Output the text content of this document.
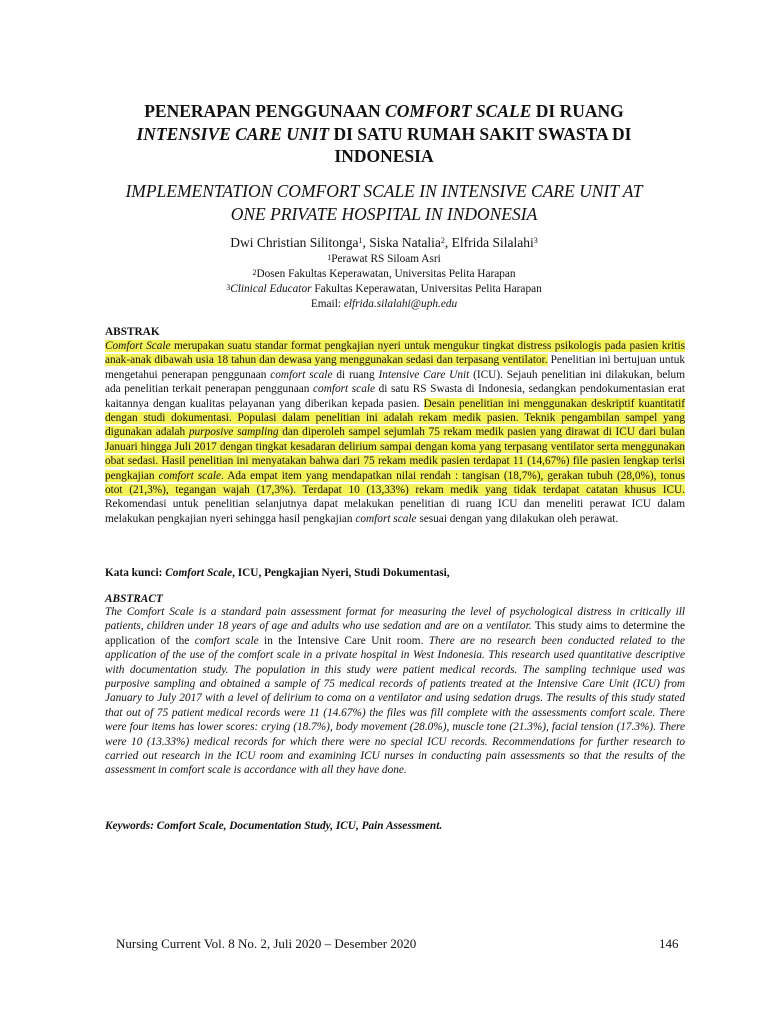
PENERAPAN PENGGUNAAN COMFORT SCALE DI RUANG
INTENSIVE CARE UNIT DI SATU RUMAH SAKIT SWASTA DI
INDONESIA
IMPLEMENTATION COMFORT SCALE IN INTENSIVE CARE UNIT AT
ONE PRIVATE HOSPITAL IN INDONESIA
Dwi Christian Silitonga$^1$, Siska Natalia$^2$, Elfrida Silalahi$^3$
$^1$Perawat RS Siloam Asri
$^2$Dosen Fakultas Keperawatan, Universitas Pelita Harapan
$^3$Clinical Educator Fakultas Keperawatan, Universitas Pelita Harapan
Email: elfrida.silalahi@uph.edu
ABSTRAK
Comfort Scale merupakan suatu standar format pengkajian nyeri untuk mengukur tingkat distress psikologis pada pasien kritis anak-anak dibawah usia 18 tahun dan dewasa yang menggunakan sedasi dan terpasang ventilator. Penelitian ini bertujuan untuk mengetahui penerapan penggunaan comfort scale di ruang Intensive Care Unit (ICU). Sejauh penelitian ini dilakukan, belum ada penelitian terkait penerapan penggunaan comfort scale di satu RS Swasta di Indonesia, sedangkan pendokumentasian erat kaitannya dengan kualitas pelayanan yang diberikan kepada pasien. Desain penelitian ini menggunakan deskriptif kuantitatif dengan studi dokumentasi. Populasi dalam penelitian ini adalah rekam medik pasien. Teknik pengambilan sampel yang digunakan adalah purposive sampling dan diperoleh sampel sejumlah 75 rekam medik pasien yang dirawat di ICU dari bulan Januari hingga Juli 2017 dengan tingkat kesadaran delirium sampai dengan koma yang terpasang ventilator serta menggunakan obat sedasi. Hasil penelitian ini menyatakan bahwa dari 75 rekam medik pasien terdapat 11 (14,67%) file pasien lengkap terisi pengkajian comfort scale. Ada empat item yang mendapatkan nilai rendah : tangisan (18,7%), gerakan tubuh (28,0%), tonus otot (21,3%), tegangan wajah (17,3%). Terdapat 10 (13,33%) rekam medik yang tidak terdapat catatan khusus ICU. Rekomendasi untuk penelitian selanjutnya dapat melakukan penelitian di ruang ICU dan meneliti perawat ICU dalam melakukan pengkajian nyeri sehingga hasil pengkajian comfort scale sesuai dengan yang dilakukan oleh perawat.
Kata kunci: Comfort Scale, ICU, Pengkajian Nyeri, Studi Dokumentasi,
ABSTRACT
The Comfort Scale is a standard pain assessment format for measuring the level of psychological distress in critically ill patients, children under 18 years of age and adults who use sedation and are on a ventilator. This study aims to determine the application of the comfort scale in the Intensive Care Unit room. There are no research been conducted related to the application of the use of the comfort scale in a private hospital in West Indonesia. This research used quantitative descriptive with documentation study. The population in this study were patient medical records. The sampling technique used was purposive sampling and obtained a sample of 75 medical records of patients treated at the Intensive Care Unit (ICU) from January to July 2017 with a level of delirium to coma on a ventilator and using sedation drugs. The results of this study stated that out of 75 patient medical records were 11 (14.67%) the files was fill complete with the assessments comfort scale. There were four items has lower scores: crying (18.7%), body movement (28.0%), muscle tone (21.3%), facial tension (17.3%). There were 10 (13.33%) medical records for which there were no special ICU records. Recommendations for further research to carried out research in the ICU room and examining ICU nurses in conducting pain assessments so that the results of the assessment in comfort scale is accordance with all they have done.
Keywords: Comfort Scale, Documentation Study, ICU, Pain Assessment.
Nursing Current Vol. 8 No. 2, Juli 2020 – Desember 2020	146
